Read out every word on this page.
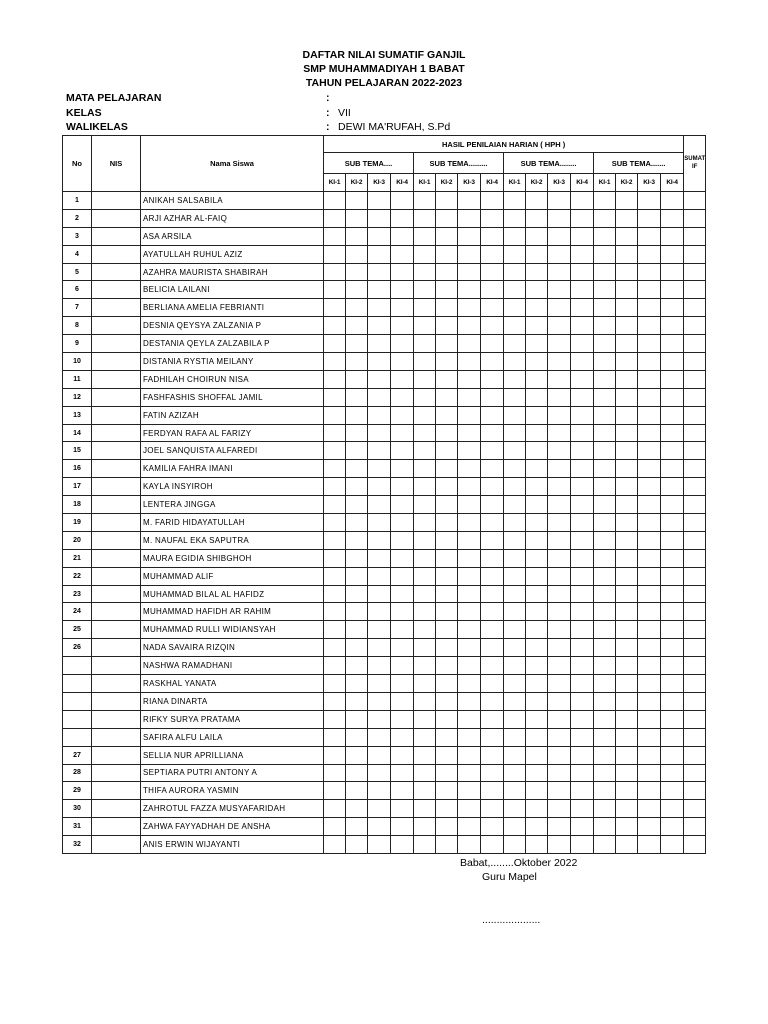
DAFTAR NILAI SUMATIF GANJIL
SMP MUHAMMADIYAH 1 BABAT
TAHUN PELAJARAN 2022-2023
MATA PELAJARAN	:
KELAS	: VII
WALIKELAS	: DEWI MA'RUFAH, S.Pd
No	NIS	Nama Siswa	HASIL PENILAIAN HARIAN ( HPH )																SUMATIF
			SUB TEMA....				SUB TEMA.........				SUB TEMA........				SUB TEMA.......				
			KI-1	KI-2	KI-3	KI-4	KI-1	KI-2	KI-3	KI-4	KI-1	KI-2	KI-3	KI-4	KI-1	KI-2	KI-3	KI-4	
1		ANIKAH SALSABILA																	
2		ARJI AZHAR AL-FAIQ																	
3		ASA ARSILA																	
4		AYATULLAH RUHUL AZIZ																	
5		AZAHRA MAURISTA SHABIRAH																	
6		BELICIA LAILANI																	
7		BERLIANA AMELIA FEBRIANTI																	
8		DESNIA QEYSYA ZALZANIA P																	
9		DESTANIA QEYLA ZALZABILA P																	
10		DISTANIA RYSTIA MEILANY																	
11		FADHILAH CHOIRUN NISA																	
12		FASHFASHIS SHOFFAL JAMIL																	
13		FATIN AZIZAH																	
14		FERDYAN RAFA AL FARIZY																	
15		JOEL SANQUISTA ALFAREDI																	
16		KAMILIA FAHRA IMANI																	
17		KAYLA INSYIROH																	
18		LENTERA JINGGA																	
19		M. FARID HIDAYATULLAH																	
20		M. NAUFAL EKA SAPUTRA																	
21		MAURA EGIDIA SHIBGHOH																	
22		MUHAMMAD ALIF																	
23		MUHAMMAD BILAL AL HAFIDZ																	
24		MUHAMMAD HAFIDH AR RAHIM																	
25		MUHAMMAD RULLI WIDIANSYAH																	
26		NADA SAVAIRA RIZQIN																	
		NASHWA RAMADHANI																	
		RASKHAL YANATA																	
		RIANA DINARTA																	
		RIFKY SURYA PRATAMA																	
		SAFIRA ALFU LAILA																	
27		SELLIA NUR APRILLIANA																	
28		SEPTIARA PUTRI ANTONY A																	
29		THIFA AURORA YASMIN																	
30		ZAHROTUL FAZZA MUSYAFARIDAH																	
31		ZAHWA FAYYADHAH DE ANSHA																	
32		ANIS ERWIN WIJAYANTI																	
Babat,........Oktober 2022
Guru Mapel
....................
